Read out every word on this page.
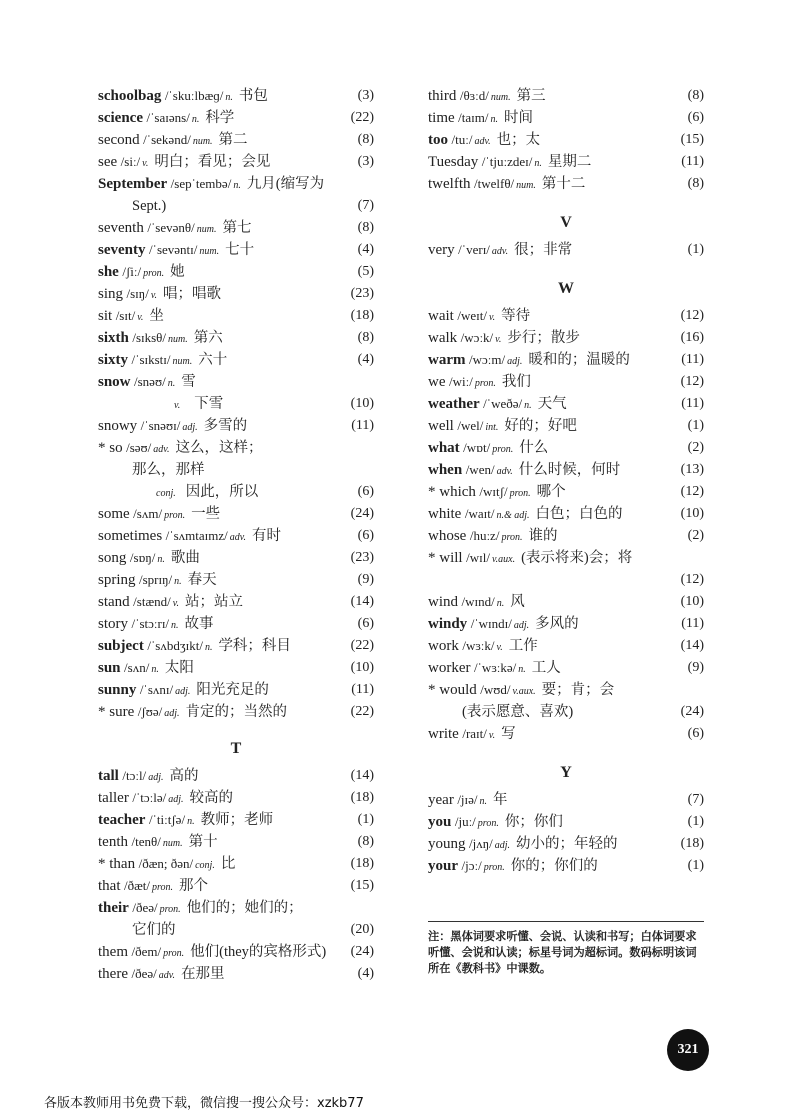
schoolbag /ˈskuːlbæɡ/ n. 书包	(3)
science /ˈsaɪəns/ n. 科学	(22)
second /ˈsekənd/ num. 第二	(8)
see /siː/ v. 明白；看见；会见	(3)
September /sepˈtembə/ n. 九月(缩写为
Sept.)	(7)
seventh /ˈsevənθ/ num. 第七	(8)
seventy /ˈsevəntɪ/ num. 七十	(4)
she /ʃiː/ pron. 她	(5)
sing /sɪŋ/ v. 唱；唱歌	(23)
sit /sɪt/ v. 坐	(18)
sixth /sɪksθ/ num. 第六	(8)
sixty /ˈsɪkstɪ/ num. 六十	(4)
snow /snəʊ/ n. 雪
v. 下雪	(10)
snowy /ˈsnəʊɪ/ adj. 多雪的	(11)
* so /səʊ/ adv. 这么，这样；
那么，那样
conj. 因此，所以	(6)
some /sʌm/ pron. 一些	(24)
sometimes /ˈsʌmtaɪmz/ adv. 有时	(6)
song /sɒŋ/ n. 歌曲	(23)
spring /sprɪŋ/ n. 春天	(9)
stand /stænd/ v. 站；站立	(14)
story /ˈstɔːrɪ/ n. 故事	(6)
subject /ˈsʌbdʒɪkt/ n. 学科；科目	(22)
sun /sʌn/ n. 太阳	(10)
sunny /ˈsʌnɪ/ adj. 阳光充足的	(11)
* sure /ʃʊə/ adj. 肯定的；当然的	(22)
T
tall /tɔːl/ adj. 高的	(14)
taller /ˈtɔːlə/ adj. 较高的	(18)
teacher /ˈtiːtʃə/ n. 教师；老师	(1)
tenth /tenθ/ num. 第十	(8)
* than /ðæn; ðən/ conj. 比	(18)
that /ðæt/ pron. 那个	(15)
their /ðeə/ pron. 他们的；她们的；
它们的	(20)
them /ðem/ pron. 他们(they的宾格形式) (24)
there /ðeə/ adv. 在那里	(4)
third /θɜːd/ num. 第三	(8)
time /taɪm/ n. 时间	(6)
too /tuː/ adv. 也；太	(15)
Tuesday /ˈtjuːzdeɪ/ n. 星期二	(11)
twelfth /twelfθ/ num. 第十二	(8)
V
very /ˈverɪ/ adv. 很；非常	(1)
W
wait /weɪt/ v. 等待	(12)
walk /wɔːk/ v. 步行；散步	(16)
warm /wɔːm/ adj. 暖和的；温暖的	(11)
we /wiː/ pron. 我们	(12)
weather /ˈweðə/ n. 天气	(11)
well /wel/ int. 好的；好吧	(1)
what /wɒt/ pron. 什么	(2)
when /wen/ adv. 什么时候，何时	(13)
* which /wɪtʃ/ pron. 哪个	(12)
white /waɪt/ n.& adj. 白色；白色的	(10)
whose /huːz/ pron. 谁的	(2)
* will /wɪl/ v.aux. (表示将来)会；将
(12)
wind /wɪnd/ n. 风	(10)
windy /ˈwɪndɪ/ adj. 多风的	(11)
work /wɜːk/ v. 工作	(14)
worker /ˈwɜːkə/ n. 工人	(9)
* would /wʊd/ v.aux. 要；肯；会
(表示愿意、喜欢)	(24)
write /raɪt/ v. 写	(6)
Y
year /jɪə/ n. 年	(7)
you /juː/ pron. 你；你们	(1)
young /jʌŋ/ adj. 幼小的；年轻的	(18)
your /jɔː/ pron. 你的；你们的	(1)
注：黑体词要求听懂、会说、认读和书写；白体词要求听懂、会说和认读；标星号词为超标词。数码标明该词所在《教科书》中课数。
321
各版本教师用书免费下载，微信搜一搜公众号：xzkb77
